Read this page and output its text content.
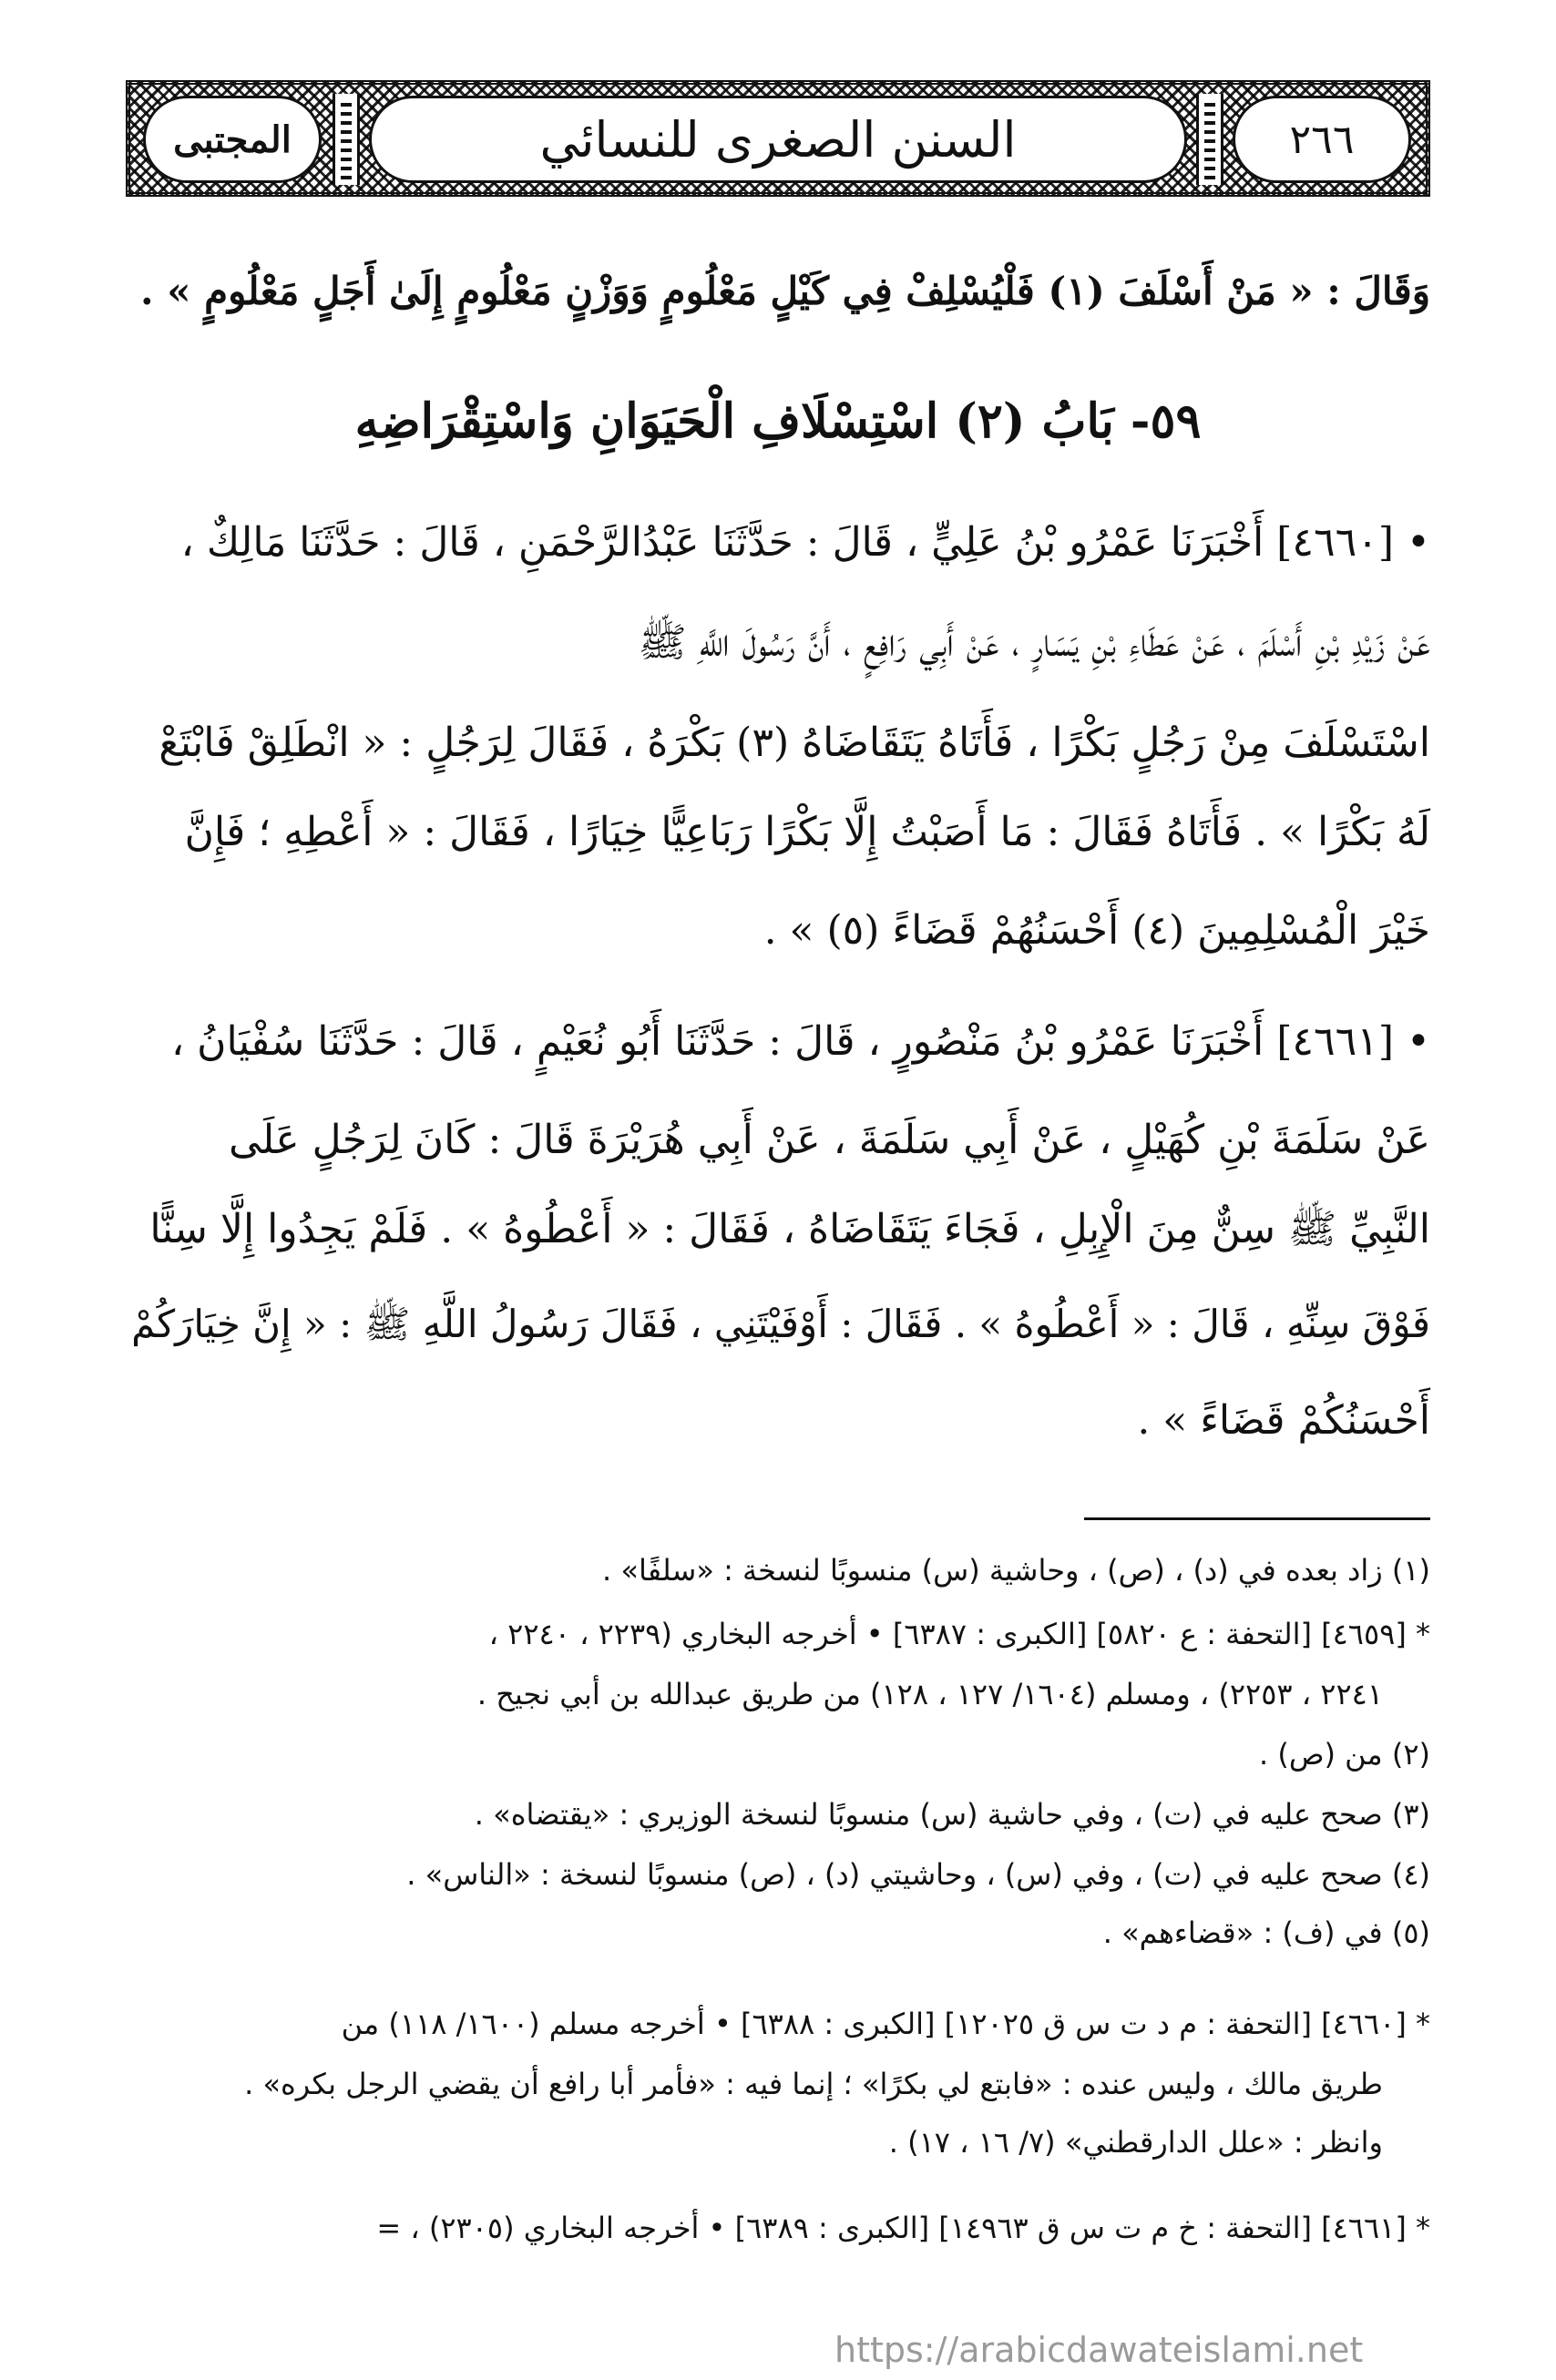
المجتبى	السنن الصغرى للنسائي	٢٦٦
وَقَالَ : « مَنْ أَسْلَفَ (١) فَلْيُسْلِفْ فِي كَيْلٍ مَعْلُومٍ وَوَزْنٍ مَعْلُومٍ إِلَىٰ أَجَلٍ مَعْلُومٍ » .
٥٩- بَابُ (٢) اسْتِسْلَافِ الْحَيَوَانِ وَاسْتِقْرَاضِهِ
• [٤٦٦٠] أَخْبَرَنَا عَمْرُو بْنُ عَلِيٍّ ، قَالَ : حَدَّثَنَا عَبْدُالرَّحْمَنِ ، قَالَ : حَدَّثَنَا مَالِكٌ ،
عَنْ زَيْدِ بْنِ أَسْلَمَ ، عَنْ عَطَاءِ بْنِ يَسَارٍ ، عَنْ أَبِي رَافِعٍ ، أَنَّ رَسُولَ اللَّهِ ﷺ
اسْتَسْلَفَ مِنْ رَجُلٍ بَكْرًا ، فَأَتَاهُ يَتَقَاضَاهُ (٣) بَكْرَهُ ، فَقَالَ لِرَجُلٍ : « انْطَلِقْ فَابْتَعْ
لَهُ بَكْرًا » . فَأَتَاهُ فَقَالَ : مَا أَصَبْتُ إِلَّا بَكْرًا رَبَاعِيًّا خِيَارًا ، فَقَالَ : « أَعْطِهِ ؛ فَإِنَّ
خَيْرَ الْمُسْلِمِينَ (٤) أَحْسَنُهُمْ قَضَاءً (٥) » .
• [٤٦٦١] أَخْبَرَنَا عَمْرُو بْنُ مَنْصُورٍ ، قَالَ : حَدَّثَنَا أَبُو نُعَيْمٍ ، قَالَ : حَدَّثَنَا سُفْيَانُ ،
عَنْ سَلَمَةَ بْنِ كُهَيْلٍ ، عَنْ أَبِي سَلَمَةَ ، عَنْ أَبِي هُرَيْرَةَ قَالَ : كَانَ لِرَجُلٍ عَلَى
النَّبِيِّ ﷺ سِنٌّ مِنَ الْإِبِلِ ، فَجَاءَ يَتَقَاضَاهُ ، فَقَالَ : « أَعْطُوهُ » . فَلَمْ يَجِدُوا إِلَّا سِنًّا
فَوْقَ سِنِّهِ ، قَالَ : « أَعْطُوهُ » . فَقَالَ : أَوْفَيْتَنِي ، فَقَالَ رَسُولُ اللَّهِ ﷺ : « إِنَّ خِيَارَكُمْ
أَحْسَنُكُمْ قَضَاءً » .
(١) زاد بعده في (د) ، (ص) ، وحاشية (س) منسوبًا لنسخة : «سلفًا» .
* [٤٦٥٩] [التحفة : ع ٥٨٢٠] [الكبرى : ٦٣٨٧] • أخرجه البخاري (٢٢٣٩ ، ٢٢٤٠ ،
٢٢٤١ ، ٢٢٥٣) ، ومسلم (١٦٠٤/ ١٢٧ ، ١٢٨) من طريق عبدالله بن أبي نجيح .
(٢) من (ص) .
(٣) صحح عليه في (ت) ، وفي حاشية (س) منسوبًا لنسخة الوزيري : «يقتضاه» .
(٤) صحح عليه في (ت) ، وفي (س) ، وحاشيتي (د) ، (ص) منسوبًا لنسخة : «الناس» .
(٥) في (ف) : «قضاءهم» .
* [٤٦٦٠] [التحفة : م د ت س ق ١٢٠٢٥] [الكبرى : ٦٣٨٨] • أخرجه مسلم (١٦٠٠/ ١١٨) من
طريق مالك ، وليس عنده : «فابتع لي بكرًا» ؛ إنما فيه : «فأمر أبا رافع أن يقضي الرجل بكره» .
وانظر : «علل الدارقطني» (٧/ ١٦ ، ١٧) .
* [٤٦٦١] [التحفة : خ م ت س ق ١٤٩٦٣] [الكبرى : ٦٣٨٩] • أخرجه البخاري (٢٣٠٥) ، =
https://arabicdawateislami.net
